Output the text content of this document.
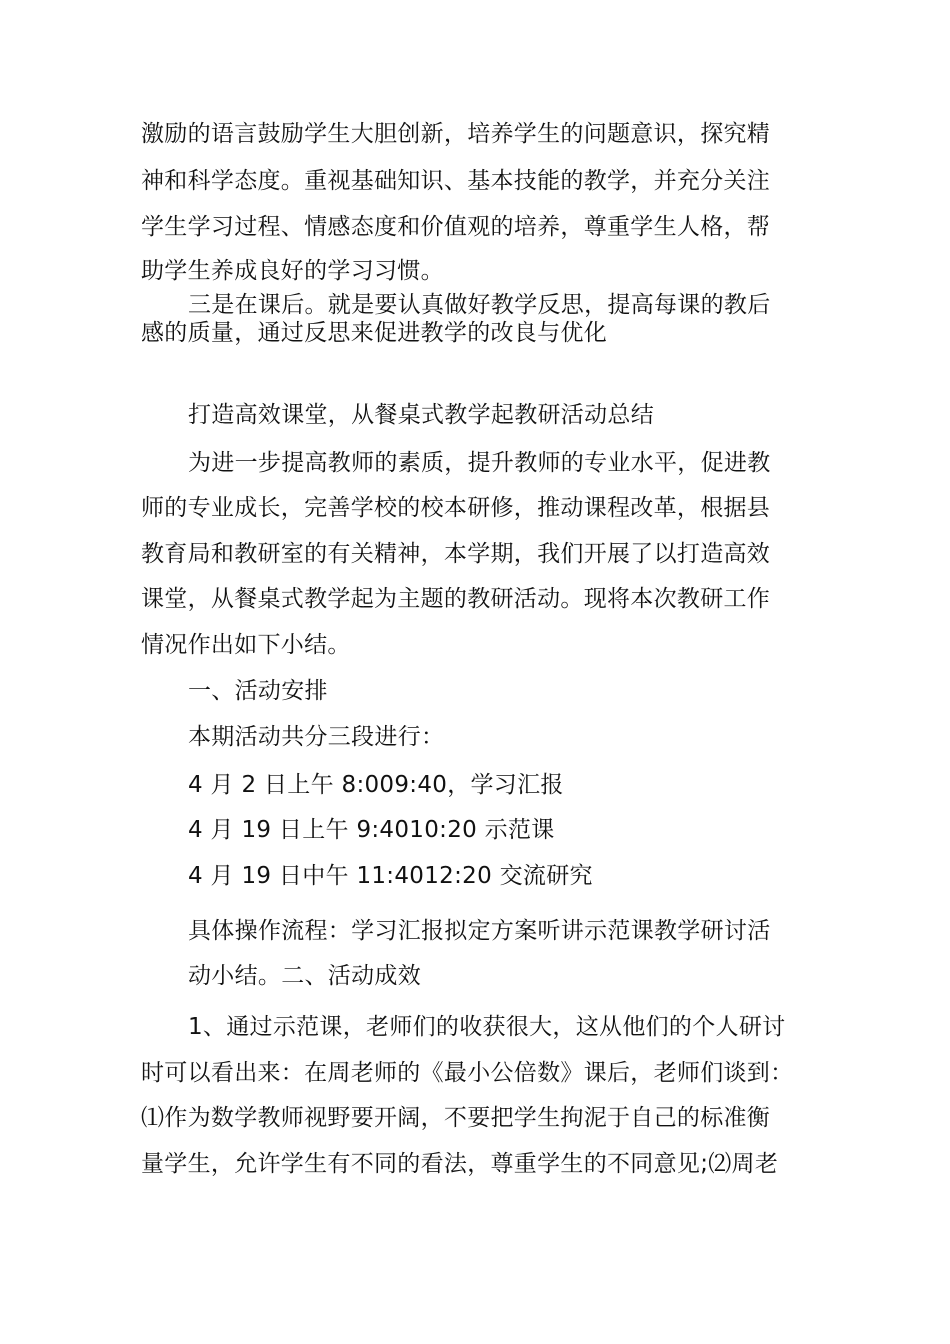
激励的语言鼓励学生大胆创新，培养学生的问题意识，探究精
神和科学态度。重视基础知识、基本技能的教学，并充分关注
学生学习过程、情感态度和价值观的培养，尊重学生人格，帮
助学生养成良好的学习习惯。
三是在课后。就是要认真做好教学反思，提高每课的教后
感的质量，通过反思来促进教学的改良与优化
打造高效课堂，从餐桌式教学起教研活动总结
为进一步提高教师的素质，提升教师的专业水平，促进教
师的专业成长，完善学校的校本研修，推动课程改革，根据县
教育局和教研室的有关精神，本学期，我们开展了以打造高效
课堂，从餐桌式教学起为主题的教研活动。现将本次教研工作
情况作出如下小结。
一、活动安排
本期活动共分三段进行：
4 月 2 日上午 8:009:40，学习汇报
4 月 19 日上午 9:4010:20 示范课
4 月 19 日中午 11:4012:20 交流研究
具体操作流程：学习汇报拟定方案听讲示范课教学研讨活
动小结。二、活动成效
1、通过示范课，老师们的收获很大，这从他们的个人研讨
时可以看出来：在周老师的《最小公倍数》课后，老师们谈到：
⑴作为数学教师视野要开阔，不要把学生拘泥于自己的标准衡
量学生，允许学生有不同的看法，尊重学生的不同意见;⑵周老
